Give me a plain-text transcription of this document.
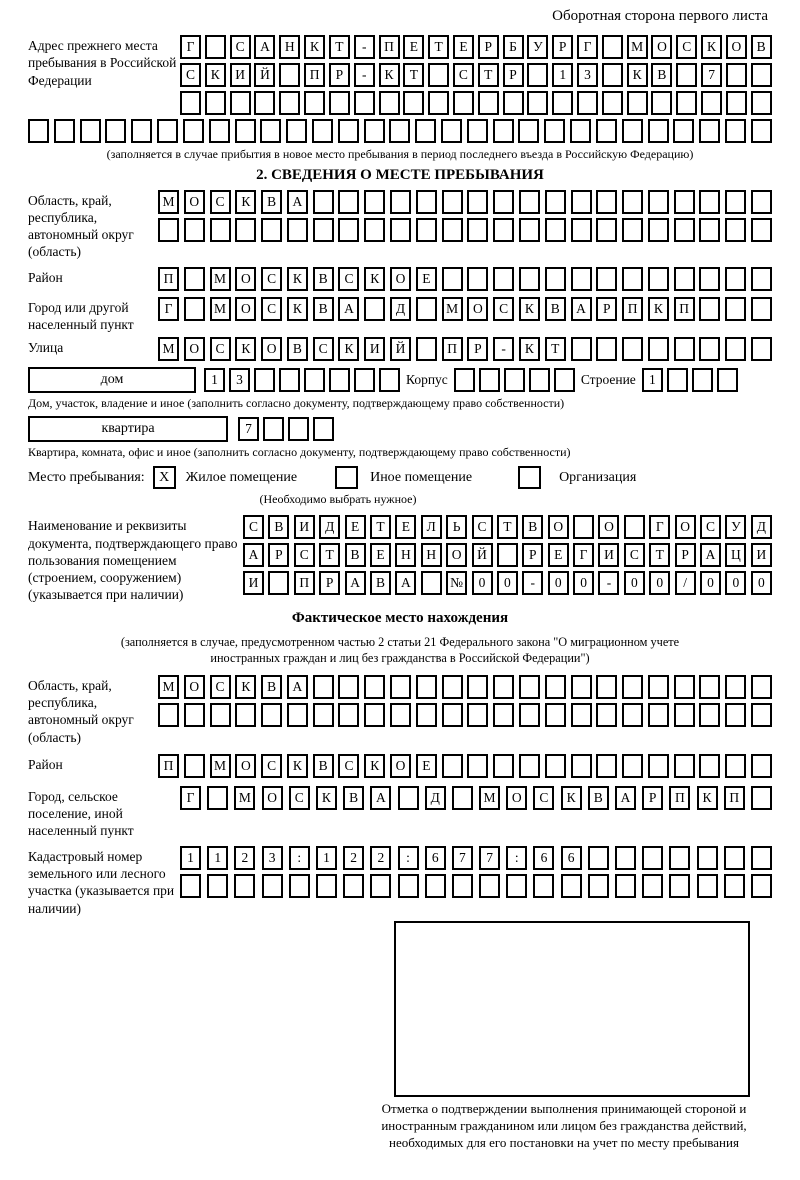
Оборотная сторона первого листа
Адрес прежнего места пребывания в Российской Федерации
Г	С	А	Н	К	Т	-	П	Е	Т	Е	Р	Б	У	Р	Г	М	О	С	К	О	В
С	К	И	Й	П	Р	-	К	Т	С	Т	Р	1	3	К	В	7
(заполняется в случае прибытия в новое место пребывания в период последнего въезда в Российскую Федерацию)
2. СВЕДЕНИЯ О МЕСТЕ ПРЕБЫВАНИЯ
Область, край, республика, автономный округ (область)
М	О	С	К	В	А
Район	П	М	О	С	К	В	С	К	О	Е
Город или другой населенный пункт
Г	М	О	С	К	В	А	Д	М	О	С	К	В	А	Р	П	К	П
Улица	М	О	С	К	О	В	С	К	И	Й	П	Р	-	К	Т
дом	1	3	Корпус	Строение 1
Дом, участок, владение и иное (заполнить согласно документу, подтверждающему право собственности)
квартира	7
Квартира, комната, офис и иное (заполнить согласно документу, подтверждающему право собственности)
Место пребывания:	X	Жилое помещение	Иное помещение	Организация
(Необходимо выбрать нужное)
Наименование и реквизиты документа, подтверждающего право пользования помещением (строением, сооружением) (указывается при наличии)
С	В	И	Д	Е	Т	Е	Л	Ь	С	Т	В	О	О	Г	О	С	У	Д
А	Р	С	Т	В	Е	Н	Н	О	Й	Р	Е	Г	И	С	Т	Р	А	Ц	И
И	П	Р	А	В	А	№	0	0	-	0	0	-	0	0	/	0	0	0
Фактическое место нахождения
(заполняется в случае, предусмотренном частью 2 статьи 21 Федерального закона "О миграционном учете иностранных граждан и лиц без гражданства в Российской Федерации")
Область, край, республика, автономный округ (область)
М	О	С	К	В	А
Район	П	М	О	С	К	В	С	К	О	Е
Город, сельское поселение, иной населенный пункт
Г	М	О	С	К	В	А	Д	М	О	С	К	В	А	Р	П	К	П
Кадастровый номер земельного или лесного участка (указывается при наличии)
1	1	2	3	:	1	2	2	:	6	7	7	:	6	6
Отметка о подтверждении выполнения принимающей стороной и иностранным гражданином или лицом без гражданства действий, необходимых для его постановки на учет по месту пребывания
